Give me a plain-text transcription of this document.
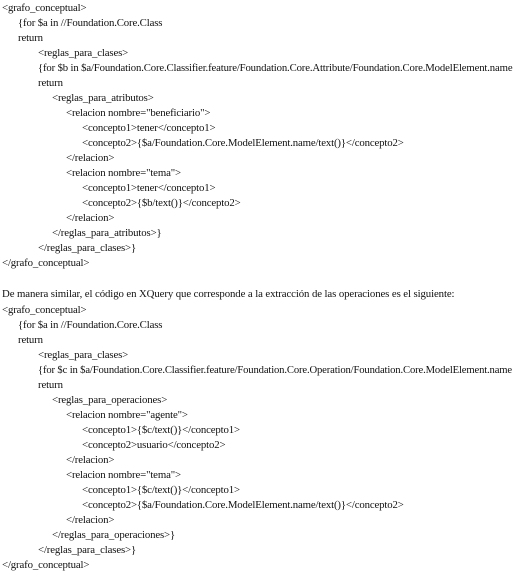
<grafo_conceptual>
{for $a in //Foundation.Core.Class
return
<reglas_para_clases>
{for $b in $a/Foundation.Core.Classifier.feature/Foundation.Core.Attribute/Foundation.Core.ModelElement.name
return
<reglas_para_atributos>
<relacion nombre="beneficiario">
<concepto1>tener</concepto1>
<concepto2>{$a/Foundation.Core.ModelElement.name/text()}</concepto2>
</relacion>
<relacion nombre="tema">
<concepto1>tener</concepto1>
<concepto2>{$b/text()}</concepto2>
</relacion>
</reglas_para_atributos>}
</reglas_para_clases>}
</grafo_conceptual>
De manera similar, el código en XQuery que corresponde a la extracción de las operaciones es el siguiente:
<grafo_conceptual>
{for $a in //Foundation.Core.Class
return
<reglas_para_clases>
{for $c in $a/Foundation.Core.Classifier.feature/Foundation.Core.Operation/Foundation.Core.ModelElement.name
return
<reglas_para_operaciones>
<relacion nombre="agente">
<concepto1>{$c/text()}</concepto1>
<concepto2>usuario</concepto2>
</relacion>
<relacion nombre="tema">
<concepto1>{$c/text()}</concepto1>
<concepto2>{$a/Foundation.Core.ModelElement.name/text()}</concepto2>
</relacion>
</reglas_para_operaciones>}
</reglas_para_clases>}
</grafo_conceptual>
